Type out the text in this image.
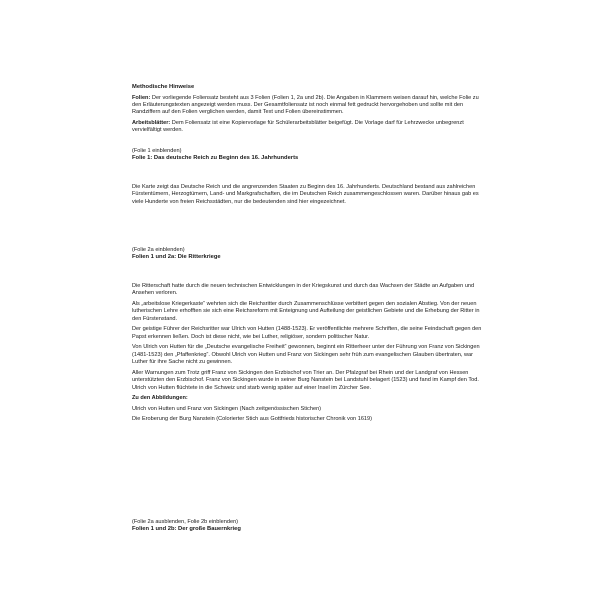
Methodische Hinweise

Folien: Der vorliegende Foliensatz besteht aus 3 Folien (Folien 1, 2a und 2b). Die Angaben in Klammern weisen darauf hin, welche Folie zu den Erläuterungstexten angezeigt werden muss. Der Gesamtfoliensatz ist noch einmal fett gedruckt hervorgehoben und sollte mit den Randziffern auf den Folien verglichen werden, damit Text und Folien übereinstimmen.

Arbeitsblätter: Dem Foliensatz ist eine Kopiervorlage für Schülerarbeitsblätter beigefügt. Die Vorlage darf für Lehrzwecke unbegrenzt vervielfältigt werden.

(Folie 1 einblenden)

Folie 1: Das deutsche Reich zu Beginn des 16. Jahrhunderts

Die Karte zeigt das Deutsche Reich und die angrenzenden Staaten zu Beginn des 16. Jahrhunderts. Deutschland bestand aus zahlreichen Fürstentümern, Herzogtümern, Land- und Markgrafschaften, die im Deutschen Reich zusammengeschlossen waren. Darüber hinaus gab es viele Hunderte von freien Reichsstädten, nur die bedeutenden sind hier eingezeichnet.

(Folie 2a einblenden)

Folien 1 und 2a: Die Ritterkriege

Die Ritterschaft hatte durch die neuen technischen Entwicklungen in der Kriegskunst und durch das Wachsen der Städte an Aufgaben und Ansehen verloren.

Als „arbeitslose Kriegerkaste“ wehrten sich die Reichsritter durch Zusammenschlüsse verbittert gegen den sozialen Abstieg. Von der neuen lutherischen Lehre erhofften sie sich eine Reichsreform mit Enteignung und Aufteilung der geistlichen Gebiete und die Erhebung der Ritter in den Fürstenstand.

Der geistige Führer der Reichsritter war Ulrich von Hutten (1488-1523). Er veröffentlichte mehrere Schriften, die seine Feindschaft gegen den Papst erkennen ließen. Doch ist diese nicht, wie bei Luther, religiöser, sondern politischer Natur.

Von Ulrich von Hutten für die „Deutsche evangelische Freiheit“ gewonnen, beginnt ein Ritterheer unter der Führung von Franz von Sickingen (1481-1523) den „Pfaffenkrieg“. Obwohl Ulrich von Hutten und Franz von Sickingen sehr früh zum evangelischen Glauben übertraten, war Luther für ihre Sache nicht zu gewinnen.

Aller Warnungen zum Trotz griff Franz von Sickingen den Erzbischof von Trier an. Der Pfalzgraf bei Rhein und der Landgraf von Hessen unterstützten den Erzbischof. Franz von Sickingen wurde in seiner Burg Nanstein bei Landstuhl belagert (1523) und fand im Kampf den Tod. Ulrich von Hutten flüchtete in die Schweiz und starb wenig später auf einer Insel im Zürcher See.

Zu den Abbildungen:

Ulrich von Hutten und Franz von Sickingen (Nach zeitgenössischen Stichen)

Die Eroberung der Burg Nanstein (Colorierter Stich aus Gottfrieds historischer Chronik von 1619)

(Folie 2a ausblenden, Folie 2b einblenden)

Folien 1 und 2b: Der große Bauernkrieg
